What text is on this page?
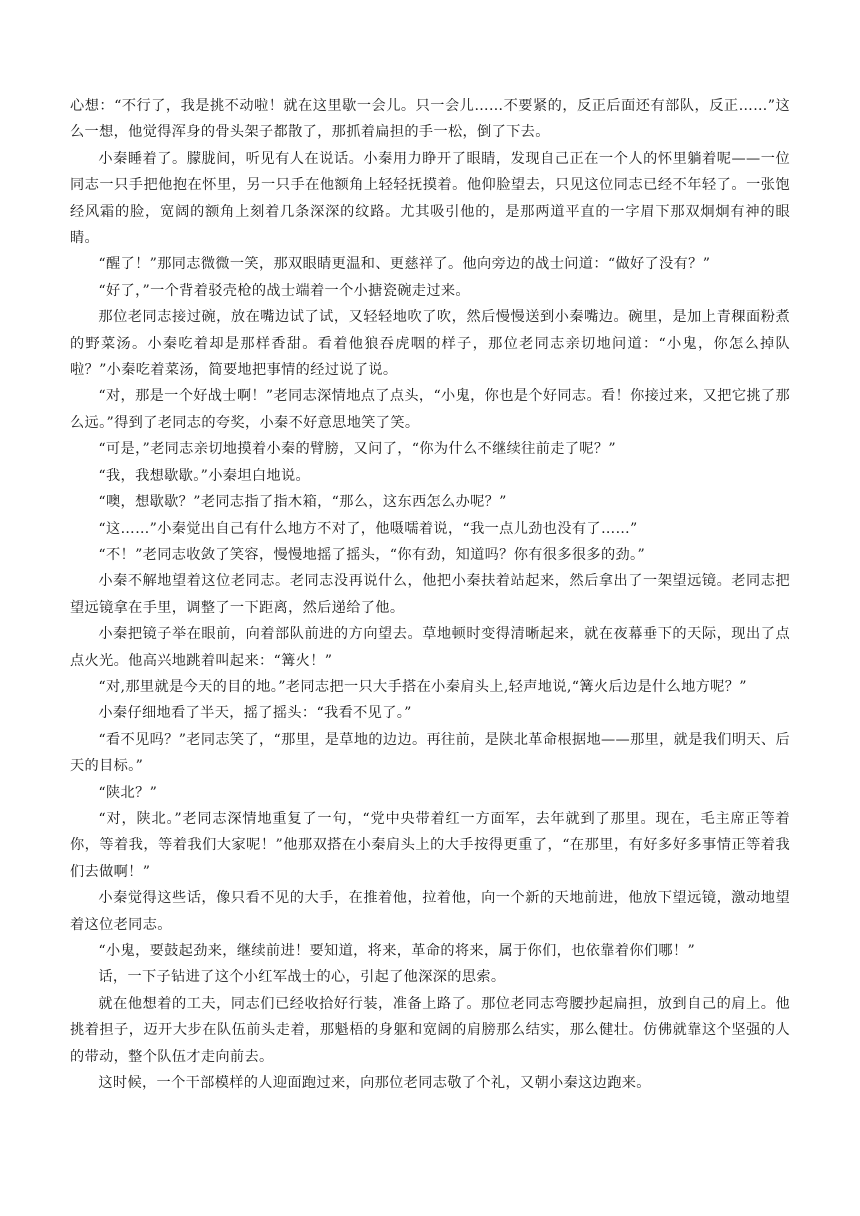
心想：“不行了，我是挑不动啦！就在这里歇一会儿。只一会儿……不要紧的，反正后面还有部队，反正……”这么一想，他觉得浑身的骨头架子都散了，那抓着扁担的手一松，倒了下去。

小秦睡着了。朦胧间，听见有人在说话。小秦用力睁开了眼睛，发现自己正在一个人的怀里躺着呢——一位同志一只手把他抱在怀里，另一只手在他额角上轻轻抚摸着。他仰脸望去，只见这位同志已经不年轻了。一张饱经风霜的脸，宽阔的额角上刻着几条深深的纹路。尤其吸引他的，是那两道平直的一字眉下那双炯炯有神的眼睛。

“醒了！”那同志微微一笑，那双眼睛更温和、更慈祥了。他向旁边的战士问道：“做好了没有？”

“好了，”一个背着驳壳枪的战士端着一个小搪瓷碗走过来。

那位老同志接过碗，放在嘴边试了试，又轻轻地吹了吹，然后慢慢送到小秦嘴边。碗里，是加上青稞面粉煮的野菜汤。小秦吃着却是那样香甜。看着他狼吞虎咽的样子，那位老同志亲切地问道：“小鬼，你怎么掉队啦？”小秦吃着菜汤，简要地把事情的经过说了说。

“对，那是一个好战士啊！”老同志深情地点了点头，“小鬼，你也是个好同志。看！你接过来，又把它挑了那么远。”得到了老同志的夸奖，小秦不好意思地笑了笑。

“可是，”老同志亲切地摸着小秦的臂膀，又问了，“你为什么不继续往前走了呢？”

“我，我想歇歇。”小秦坦白地说。

“噢，想歇歇？”老同志指了指木箱，“那么，这东西怎么办呢？”

“这……”小秦觉出自己有什么地方不对了，他嗫嚅着说，“我一点儿劲也没有了……”

“不！”老同志收敛了笑容，慢慢地摇了摇头，“你有劲，知道吗？你有很多很多的劲。”

小秦不解地望着这位老同志。老同志没再说什么，他把小秦扶着站起来，然后拿出了一架望远镜。老同志把望远镜拿在手里，调整了一下距离，然后递给了他。

小秦把镜子举在眼前，向着部队前进的方向望去。草地顿时变得清晰起来，就在夜幕垂下的天际，现出了点点火光。他高兴地跳着叫起来：“篝火！”

“对,那里就是今天的目的地。”老同志把一只大手搭在小秦肩头上,轻声地说,“篝火后边是什么地方呢？”

小秦仔细地看了半天，摇了摇头：“我看不见了。”

“看不见吗？”老同志笑了，“那里，是草地的边边。再往前，是陕北革命根据地——那里，就是我们明天、后天的目标。”

“陕北？”

“对，陕北。”老同志深情地重复了一句，“党中央带着红一方面军，去年就到了那里。现在，毛主席正等着你，等着我，等着我们大家呢！”他那双搭在小秦肩头上的大手按得更重了，“在那里，有好多好多事情正等着我们去做啊！”

小秦觉得这些话，像只看不见的大手，在推着他，拉着他，向一个新的天地前进，他放下望远镜，激动地望着这位老同志。

“小鬼，要鼓起劲来，继续前进！要知道，将来，革命的将来，属于你们，也依靠着你们哪！”

话，一下子钻进了这个小红军战士的心，引起了他深深的思索。

就在他想着的工夫，同志们已经收拾好行装，准备上路了。那位老同志弯腰抄起扁担，放到自己的肩上。他挑着担子，迈开大步在队伍前头走着，那魁梧的身躯和宽阔的肩膀那么结实，那么健壮。仿佛就靠这个坚强的人的带动，整个队伍才走向前去。

这时候，一个干部模样的人迎面跑过来，向那位老同志敬了个礼，又朝小秦这边跑来。
